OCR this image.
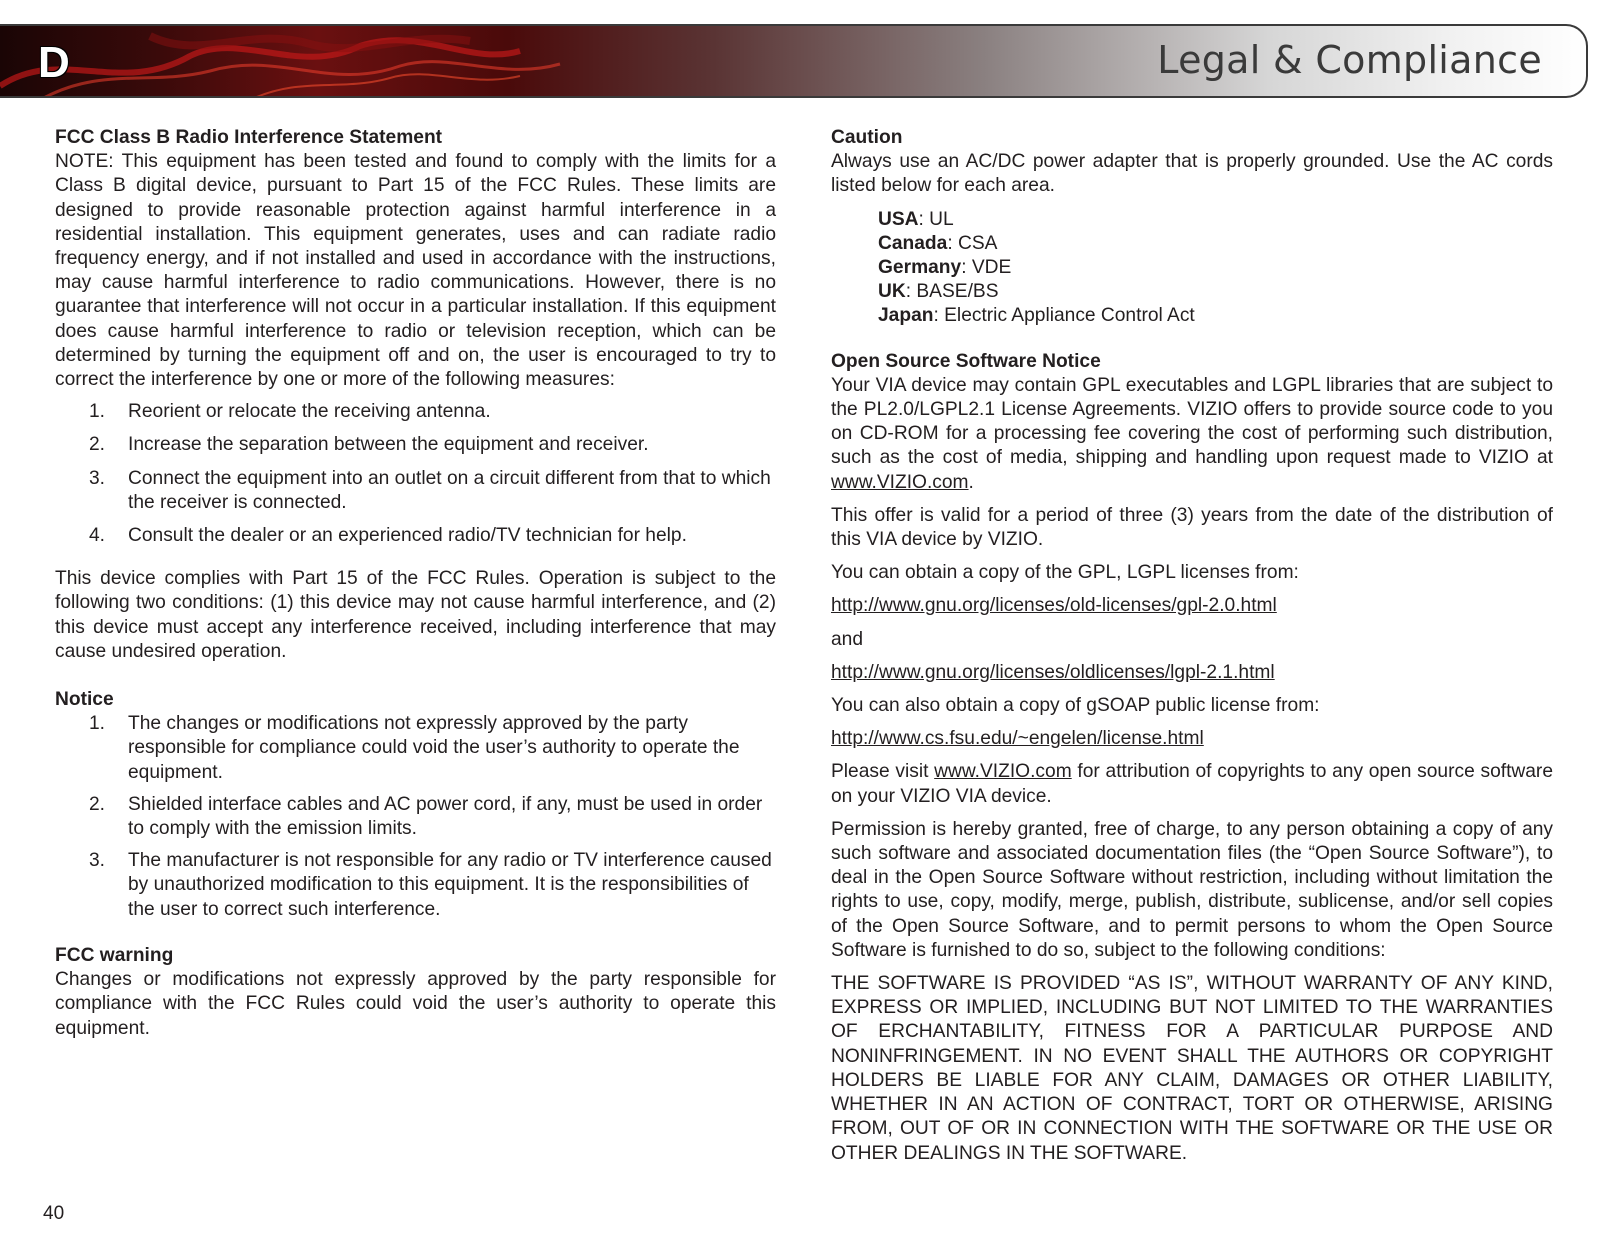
D	Legal & Compliance

FCC Class B Radio Interference Statement

NOTE: This equipment has been tested and found to comply with the limits for a Class B digital device, pursuant to Part 15 of the FCC Rules. These limits are designed to provide reasonable protection against harmful interference in a residential installation. This equipment generates, uses and can radiate radio frequency energy, and if not installed and used in accordance with the instructions, may cause harmful interference to radio communications. However, there is no guarantee that interference will not occur in a particular installation. If this equipment does cause harmful interference to radio or television reception, which can be determined by turning the equipment off and on, the user is encouraged to try to correct the interference by one or more of the following measures:

1. Reorient or relocate the receiving antenna.
2. Increase the separation between the equipment and receiver.
3. Connect the equipment into an outlet on a circuit different from that to which the receiver is connected.
4. Consult the dealer or an experienced radio/TV technician for help.

This device complies with Part 15 of the FCC Rules. Operation is subject to the following two conditions: (1) this device may not cause harmful interference, and (2) this device must accept any interference received, including interference that may cause undesired operation.

Notice

1. The changes or modifications not expressly approved by the party responsible for compliance could void the user’s authority to operate the equipment.
2. Shielded interface cables and AC power cord, if any, must be used in order to comply with the emission limits.
3. The manufacturer is not responsible for any radio or TV interference caused by unauthorized modification to this equipment. It is the responsibilities of the user to correct such interference.

FCC warning

Changes or modifications not expressly approved by the party responsible for compliance with the FCC Rules could void the user’s authority to operate this equipment.

Caution

Always use an AC/DC power adapter that is properly grounded. Use the AC cords listed below for each area.

USA: UL
Canada: CSA
Germany: VDE
UK: BASE/BS
Japan: Electric Appliance Control Act

Open Source Software Notice

Your VIA device may contain GPL executables and LGPL libraries that are subject to the PL2.0/LGPL2.1 License Agreements. VIZIO offers to provide source code to you on CD-ROM for a processing fee covering the cost of performing such distribution, such as the cost of media, shipping and handling upon request made to VIZIO at www.VIZIO.com.

This offer is valid for a period of three (3) years from the date of the distribution of this VIA device by VIZIO.

You can obtain a copy of the GPL, LGPL licenses from:

http://www.gnu.org/licenses/old-licenses/gpl-2.0.html

and

http://www.gnu.org/licenses/oldlicenses/lgpl-2.1.html

You can also obtain a copy of gSOAP public license from:

http://www.cs.fsu.edu/~engelen/license.html

Please visit www.VIZIO.com for attribution of copyrights to any open source software on your VIZIO VIA device.

Permission is hereby granted, free of charge, to any person obtaining a copy of any such software and associated documentation files (the “Open Source Software”), to deal in the Open Source Software without restriction, including without limitation the rights to use, copy, modify, merge, publish, distribute, sublicense, and/or sell copies of the Open Source Software, and to permit persons to whom the Open Source Software is furnished to do so, subject to the following conditions:

THE SOFTWARE IS PROVIDED “AS IS”, WITHOUT WARRANTY OF ANY KIND, EXPRESS OR IMPLIED, INCLUDING BUT NOT LIMITED TO THE WARRANTIES OF ERCHANTABILITY, FITNESS FOR A PARTICULAR PURPOSE AND NONINFRINGEMENT. IN NO EVENT SHALL THE AUTHORS OR COPYRIGHT HOLDERS BE LIABLE FOR ANY CLAIM, DAMAGES OR OTHER LIABILITY, WHETHER IN AN ACTION OF CONTRACT, TORT OR OTHERWISE, ARISING FROM, OUT OF OR IN CONNECTION WITH THE SOFTWARE OR THE USE OR OTHER DEALINGS IN THE SOFTWARE.

40
